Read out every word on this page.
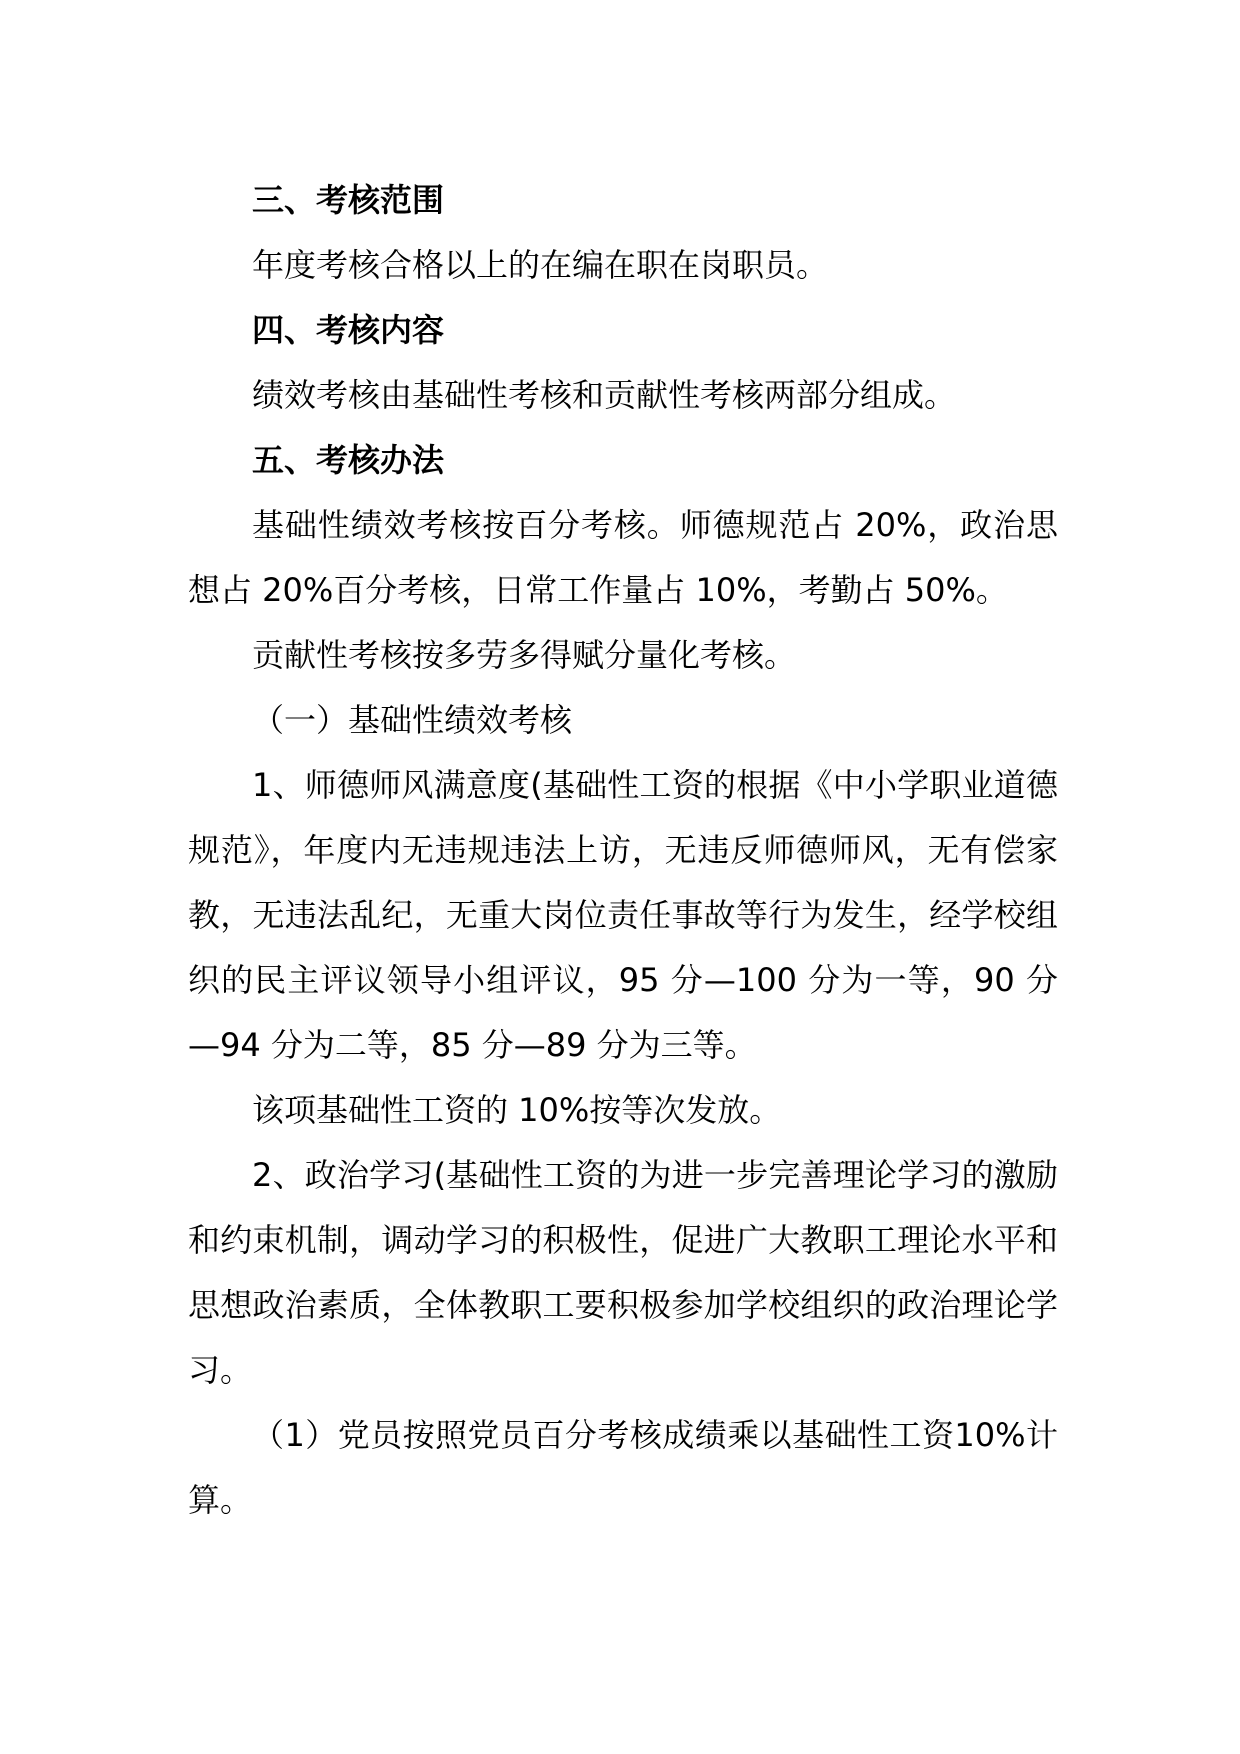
三、考核范围

年度考核合格以上的在编在职在岗职员。

四、考核内容

绩效考核由基础性考核和贡献性考核两部分组成。

五、考核办法

基础性绩效考核按百分考核。师德规范占 20%，政治思想占 20%百分考核，日常工作量占 10%，考勤占 50%。

贡献性考核按多劳多得赋分量化考核。

（一）基础性绩效考核

1、师德师风满意度(基础性工资的根据《中小学职业道德规范》，年度内无违规违法上访，无违反师德师风，无有偿家教，无违法乱纪，无重大岗位责任事故等行为发生，经学校组织的民主评议领导小组评议，95 分—100 分为一等，90 分—94 分为二等，85 分—89 分为三等。

该项基础性工资的 10%按等次发放。

2、政治学习(基础性工资的为进一步完善理论学习的激励和约束机制，调动学习的积极性，促进广大教职工理论水平和思想政治素质，全体教职工要积极参加学校组织的政治理论学习。

（1）党员按照党员百分考核成绩乘以基础性工资10%计算。
